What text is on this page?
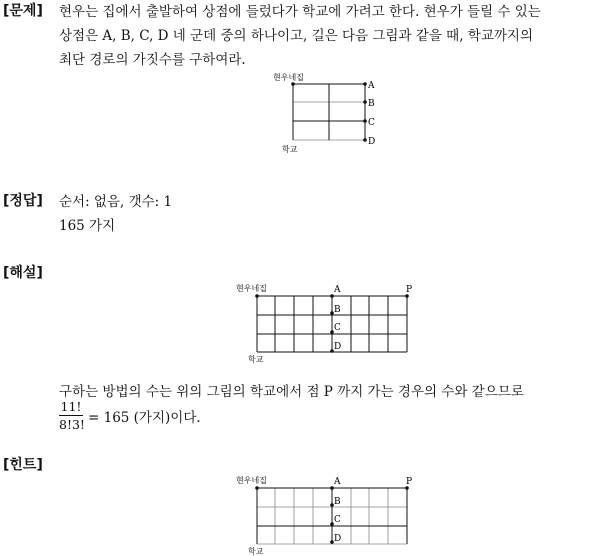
[문제] 현우는 집에서 출발하여 상점에 들렀다가 학교에 가려고 한다. 현우가 들릴 수 있는
상점은 A, B, C, D 네 군데 중의 하나이고, 길은 다음 그림과 같을 때, 학교까지의
최단 경로의 가짓수를 구하여라.
현우네집
A
B
C
D
학교
[정답] 순서: 없음, 갯수: 1
165 가지
[해설]
현우네집	A
B
C
D
P
학교
구하는 방법의 수는 위의 그림의 학교에서 점 P 까지 가는 경우의 수와 같으므로
$\frac{11!}{8!3!} = 165$ (가지)이다.
[힌트]
현우네집	A
B
C
D
P
학교
